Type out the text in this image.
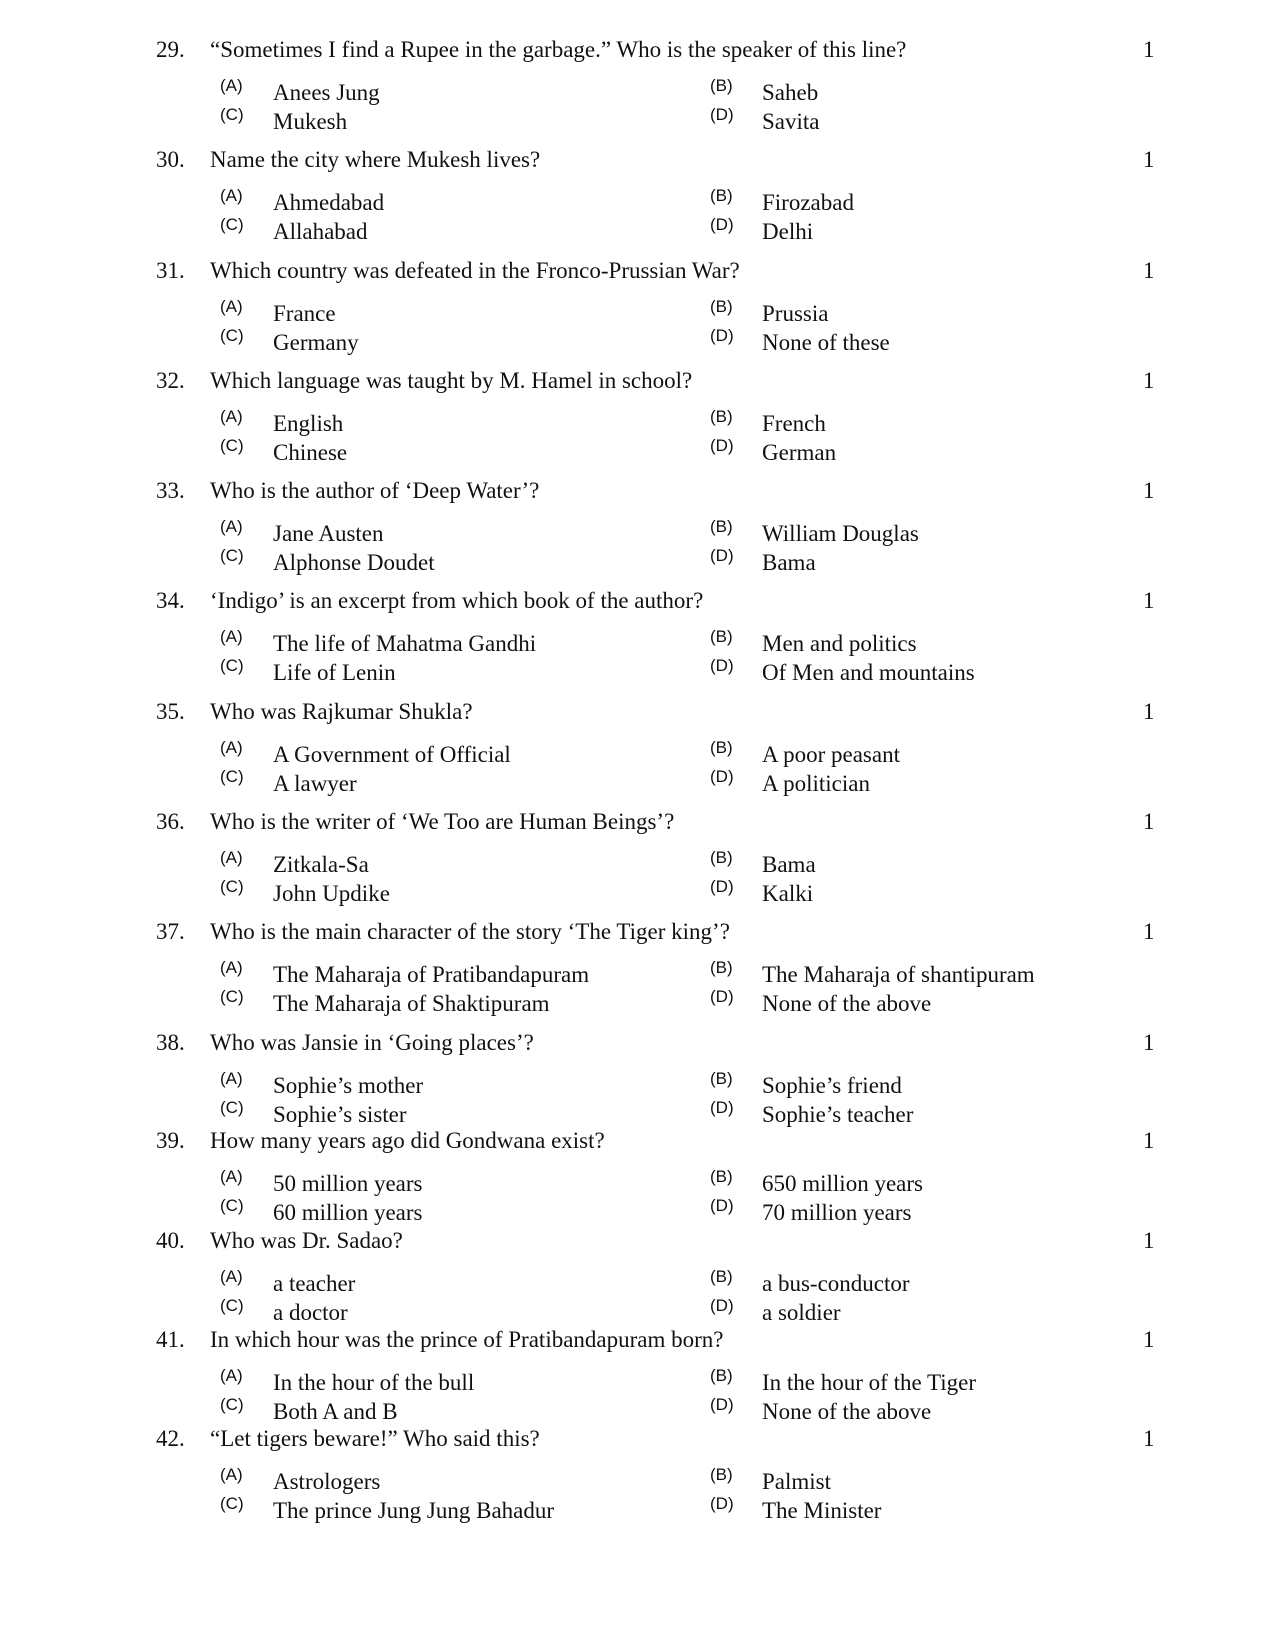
29. “Sometimes I find a Rupee in the garbage.” Who is the speaker of this line?	1
(A) Anees Jung	(B) Saheb
(C) Mukesh	(D) Savita
30. Name the city where Mukesh lives?	1
(A) Ahmedabad	(B) Firozabad
(C) Allahabad	(D) Delhi
31. Which country was defeated in the Fronco-Prussian War?	1
(A) France	(B) Prussia
(C) Germany	(D) None of these
32. Which language was taught by M. Hamel in school?	1
(A) English	(B) French
(C) Chinese	(D) German
33. Who is the author of ‘Deep Water’?	1
(A) Jane Austen	(B) William Douglas
(C) Alphonse Doudet	(D) Bama
34. ‘Indigo’ is an excerpt from which book of the author?	1
(A) The life of Mahatma Gandhi	(B) Men and politics
(C) Life of Lenin	(D) Of Men and mountains
35. Who was Rajkumar Shukla?	1
(A) A Government of Official	(B) A poor peasant
(C) A lawyer	(D) A politician
36. Who is the writer of ‘We Too are Human Beings’?	1
(A) Zitkala-Sa	(B) Bama
(C) John Updike	(D) Kalki
37. Who is the main character of the story ‘The Tiger king’?	1
(A) The Maharaja of Pratibandapuram	(B) The Maharaja of shantipuram
(C) The Maharaja of Shaktipuram	(D) None of the above
38. Who was Jansie in ‘Going places’?	1
(A) Sophie’s mother	(B) Sophie’s friend
(C) Sophie’s sister	(D) Sophie’s teacher
39. How many years ago did Gondwana exist?	1
(A) 50 million years	(B) 650 million years
(C) 60 million years	(D) 70 million years
40. Who was Dr. Sadao?	1
(A) a teacher	(B) a bus-conductor
(C) a doctor	(D) a soldier
41. In which hour was the prince of Pratibandapuram born?	1
(A) In the hour of the bull	(B) In the hour of the Tiger
(C) Both A and B	(D) None of the above
42. “Let tigers beware!” Who said this?	1
(A) Astrologers	(B) Palmist
(C) The prince Jung Jung Bahadur	(D) The Minister
